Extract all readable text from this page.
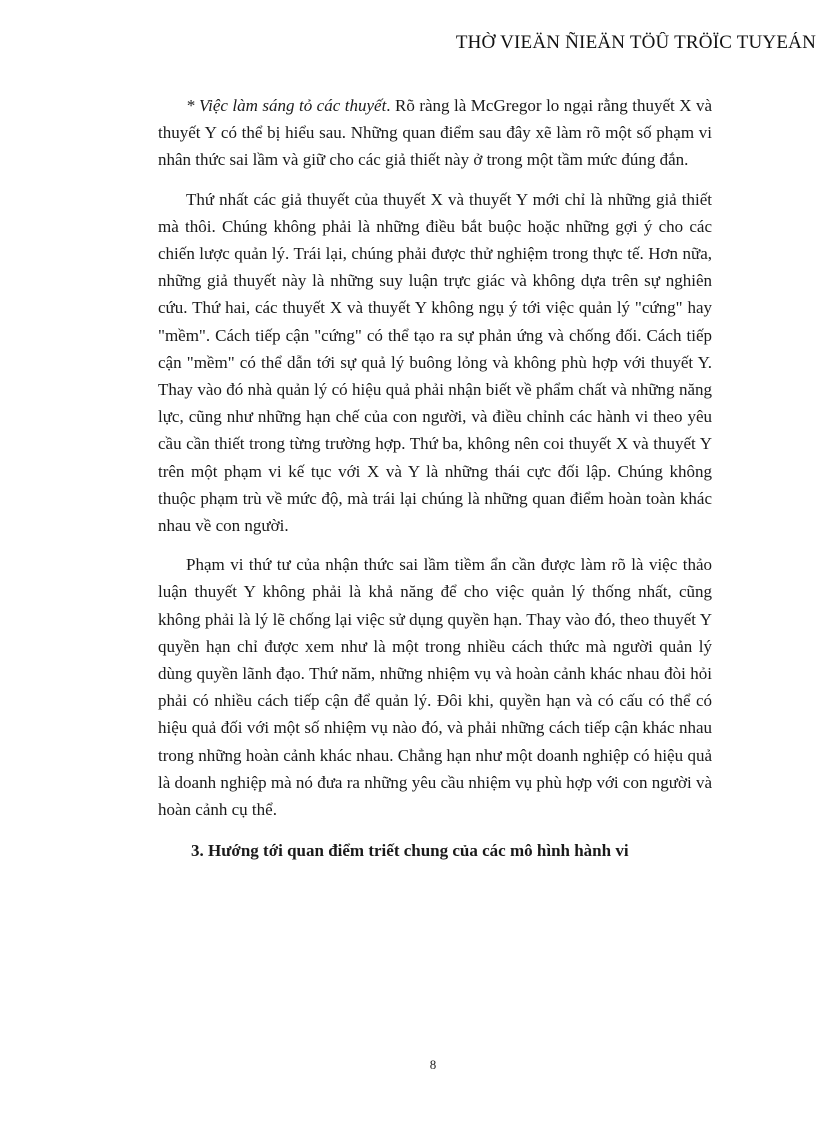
THỜ VIEÄN ÑIEÄN TÖÛ TRÖÏC TUYEÁN

* Việc làm sáng tỏ các thuyết. Rõ ràng là McGregor lo ngại rằng thuyết X và thuyết Y có thể bị hiểu sau. Những quan điểm sau đây xẽ làm rõ một số phạm vi nhân thức sai lầm và giữ cho các giả thiết này ở trong một tầm mức đúng đắn.

Thứ nhất các giả thuyết của thuyết X và thuyết Y mới chỉ là những giả thiết mà thôi. Chúng không phải là những điều bắt buộc hoặc những gợi ý cho các chiến lược quản lý. Trái lại, chúng phải được thử nghiệm trong thực tế. Hơn nữa, những giả thuyết này là những suy luận trực giác và không dựa trên sự nghiên cứu. Thứ hai, các thuyết X và thuyết Y không ngụ ý tới việc quản lý "cứng" hay "mềm". Cách tiếp cận "cứng" có thể tạo ra sự phản ứng và chống đối. Cách tiếp cận "mềm" có thể dẫn tới sự quả lý buông lỏng và không phù hợp với thuyết Y. Thay vào đó nhà quản lý có hiệu quả phải nhận biết về phẩm chất và những năng lực, cũng như những hạn chế của con người, và điều chỉnh các hành vi theo yêu cầu cần thiết trong từng trường hợp. Thứ ba, không nên coi thuyết X và thuyết Y trên một phạm vi kế tục với X và Y là những thái cực đối lập. Chúng không thuộc phạm trù về mức độ, mà trái lại chúng là những quan điểm hoàn toàn khác nhau về con người.

Phạm vi thứ tư của nhận thức sai lầm tiềm ẩn cần được làm rõ là việc thảo luận thuyết Y không phải là khả năng để cho việc quản lý thống nhất, cũng không phải là lý lẽ chống lại việc sử dụng quyền hạn. Thay vào đó, theo thuyết Y quyền hạn chỉ được xem như là một trong nhiều cách thức mà người quản lý dùng quyền lãnh đạo. Thứ năm, những nhiệm vụ và hoàn cảnh khác nhau đòi hỏi phải có nhiều cách tiếp cận để quản lý. Đôi khi, quyền hạn và có cấu có thể có hiệu quả đối với một số nhiệm vụ nào đó, và phải những cách tiếp cận khác nhau trong những hoàn cảnh khác nhau. Chẳng hạn như một doanh nghiệp có hiệu quả là doanh nghiệp mà nó đưa ra những yêu cầu nhiệm vụ phù hợp với con người và hoàn cảnh cụ thể.

3. Hướng tới quan điểm triết chung của các mô hình hành vi

8
